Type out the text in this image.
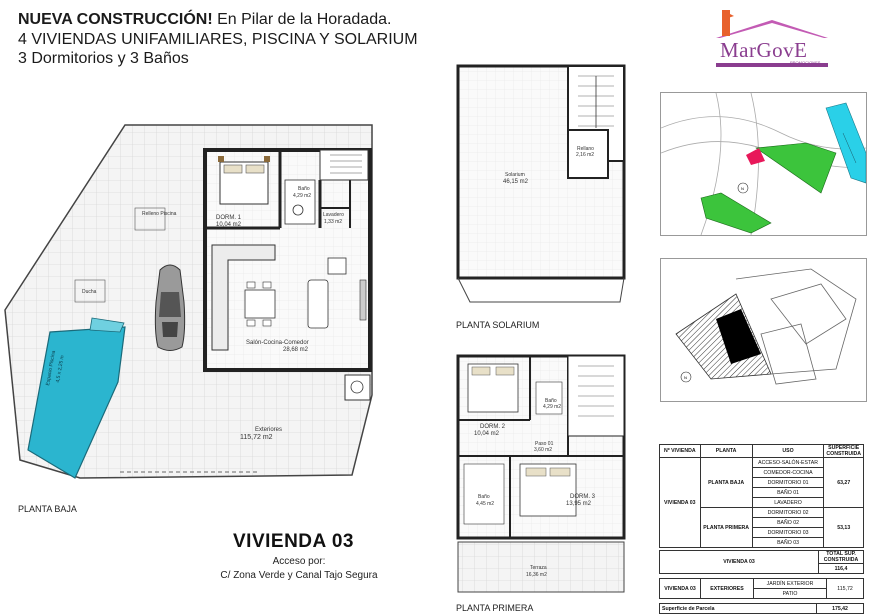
NUEVA CONSTRUCCIÓN! En Pilar de la Horadada.
4 VIVIENDAS UNIFAMILIARES, PISCINA Y SOLARIUM
3 Dormitorios y 3 Baños	MarGovE
PROMOCIONES
DORM. 1
10,04 m2
Baño
4,29 m2
Lavadero
1,33 m2
Salón-Cocina-Comedor
28,68 m2
Exteriores
115,72 m2
Relleno Piscina
Ducha
Espacio Piscina
4,5 x 2,25 m
PLANTA BAJA
Solarium
46,15 m2
Rellano
2,16 m2
PLANTA SOLARIUM
DORM. 2
10,04 m2
Baño
4,29 m2
Paso 01
3,60 m2
Baño
4,45 m2
DORM. 3
13,95 m2
Terraza
16,36 m2
PLANTA PRIMERA
N
N
VIVIENDA 03
Acceso por:
C/ Zona Verde y Canal Tajo Segura
Nº VIVIENDA	PLANTA	USO	SUPERFICIE CONSTRUIDA
VIVIENDA 03	PLANTA BAJA	ACCESO-SALÓN-ESTAR	63,27
		COMEDOR-COCINA	
		DORMITORIO 01	
		BAÑO 01	
		LAVADERO	
	PLANTA PRIMERA	DORMITORIO 02	53,13
		BAÑO 02	
		DORMITORIO 03	
		BAÑO 03	
VIVIENDA 03	TOTAL SUP. CONSTRUIDA
116,4
VIVIENDA 03	EXTERIORES	JARDÍN EXTERIOR	115,72
PATIO
Superficie de Parcela	175,42
